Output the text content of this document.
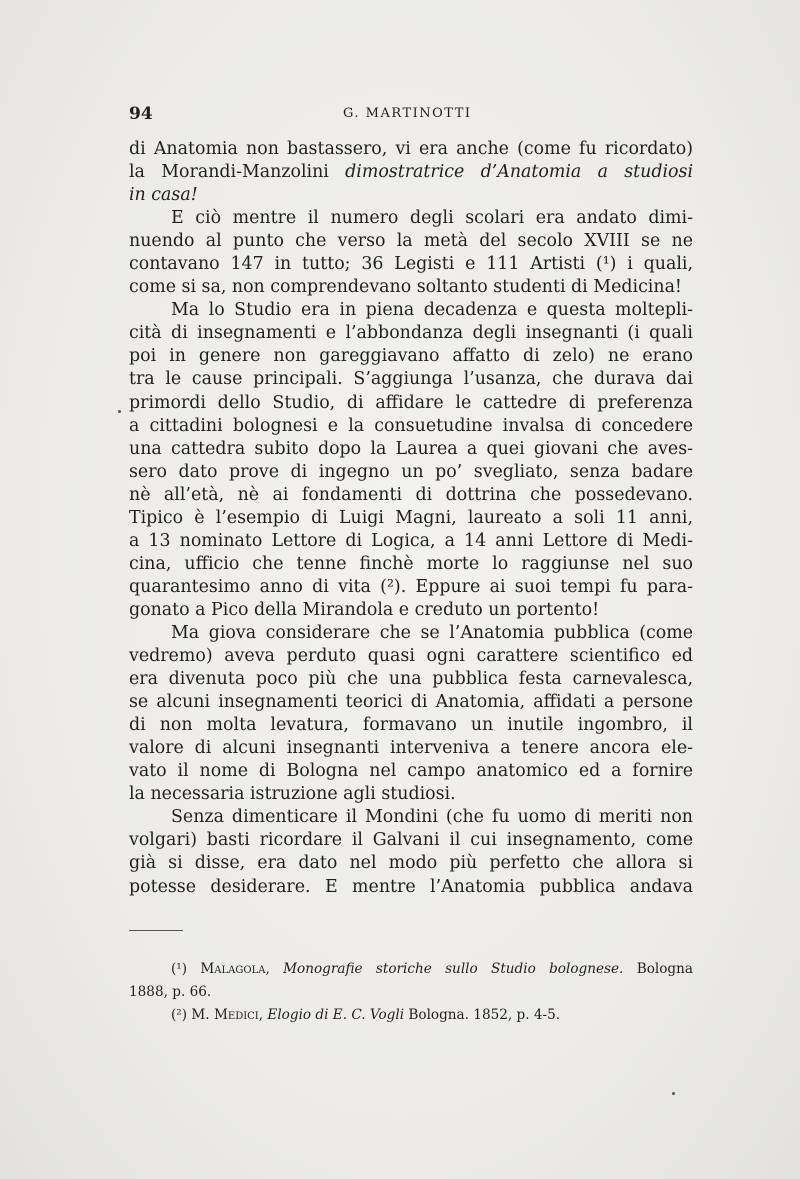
94	G. MARTINOTTI
di Anatomia non bastassero, vi era anche (come fu ricordato)
la Morandi-Manzolini dimostratrice d’Anatomia a studiosi
in casa!
E ciò mentre il numero degli scolari era andato dimi-
nuendo al punto che verso la metà del secolo XVIII se ne
contavano 147 in tutto; 36 Legisti e 111 Artisti (¹) i quali,
come si sa, non comprendevano soltanto studenti di Medicina!
Ma lo Studio era in piena decadenza e questa moltepli-
cità di insegnamenti e l’abbondanza degli insegnanti (i quali
poi in genere non gareggiavano affatto di zelo) ne erano
tra le cause principali. S’aggiunga l’usanza, che durava dai
primordi dello Studio, di affidare le cattedre di preferenza
a cittadini bolognesi e la consuetudine invalsa di concedere
una cattedra subito dopo la Laurea a quei giovani che aves-
sero dato prove di ingegno un po’ svegliato, senza badare
nè all’età, nè ai fondamenti di dottrina che possedevano.
Tipico è l’esempio di Luigi Magni, laureato a soli 11 anni,
a 13 nominato Lettore di Logica, a 14 anni Lettore di Medi-
cina, ufficio che tenne finchè morte lo raggiunse nel suo
quarantesimo anno di vita (²). Eppure ai suoi tempi fu para-
gonato a Pico della Mirandola e creduto un portento!
Ma giova considerare che se l’Anatomia pubblica (come
vedremo) aveva perduto quasi ogni carattere scientifico ed
era divenuta poco più che una pubblica festa carnevalesca,
se alcuni insegnamenti teorici di Anatomia, affidati a persone
di non molta levatura, formavano un inutile ingombro, il
valore di alcuni insegnanti interveniva a tenere ancora ele-
vato il nome di Bologna nel campo anatomico ed a fornire
la necessaria istruzione agli studiosi.
Senza dimenticare il Mondini (che fu uomo di meriti non
volgari) basti ricordare il Galvani il cui insegnamento, come
già si disse, era dato nel modo più perfetto che allora si
potesse desiderare. E mentre l’Anatomia pubblica andava
(¹) Malagola, Monografie storiche sullo Studio bolognese. Bologna
1888, p. 66.
(²) M. Medici, Elogio di E. C. Vogli Bologna. 1852, p. 4-5.
